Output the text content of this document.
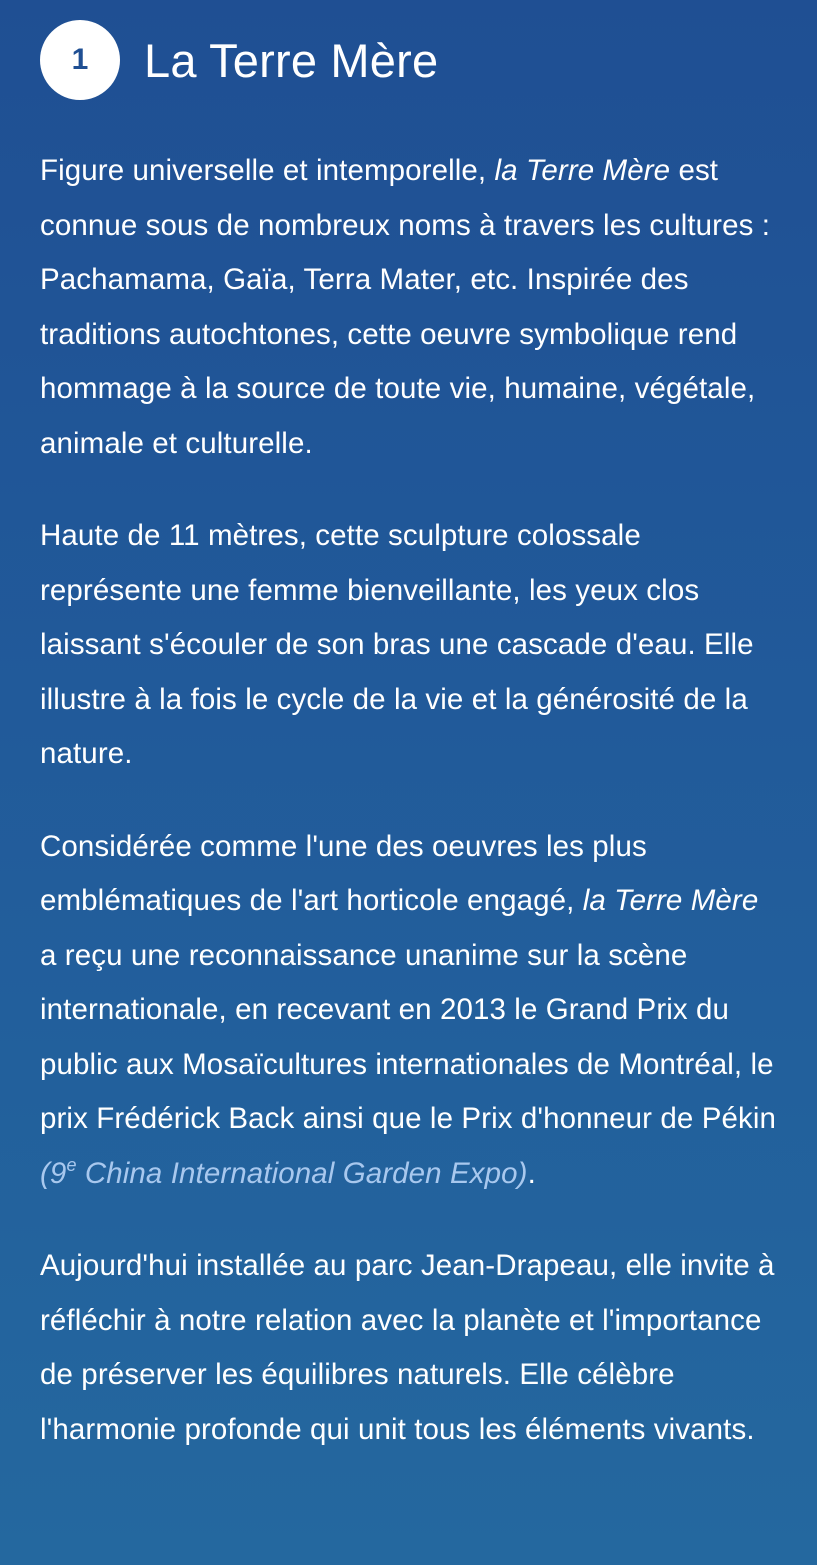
1	La Terre Mère

Figure universelle et intemporelle, la Terre Mère est connue sous de nombreux noms à travers les cultures : Pachamama, Gaïa, Terra Mater, etc. Inspirée des traditions autochtones, cette oeuvre symbolique rend hommage à la source de toute vie, humaine, végétale, animale et culturelle.

Haute de 11 mètres, cette sculpture colossale représente une femme bienveillante, les yeux clos laissant s'écouler de son bras une cascade d'eau. Elle illustre à la fois le cycle de la vie et la générosité de la nature.

Considérée comme l'une des oeuvres les plus emblématiques de l'art horticole engagé, la Terre Mère a reçu une reconnaissance unanime sur la scène internationale, en recevant en 2013 le Grand Prix du public aux Mosaïcultures internationales de Montréal, le prix Frédérick Back ainsi que le Prix d'honneur de Pékin (9e China International Garden Expo).

Aujourd'hui installée au parc Jean-Drapeau, elle invite à réfléchir à notre relation avec la planète et l'importance de préserver les équilibres naturels. Elle célèbre l'harmonie profonde qui unit tous les éléments vivants.
